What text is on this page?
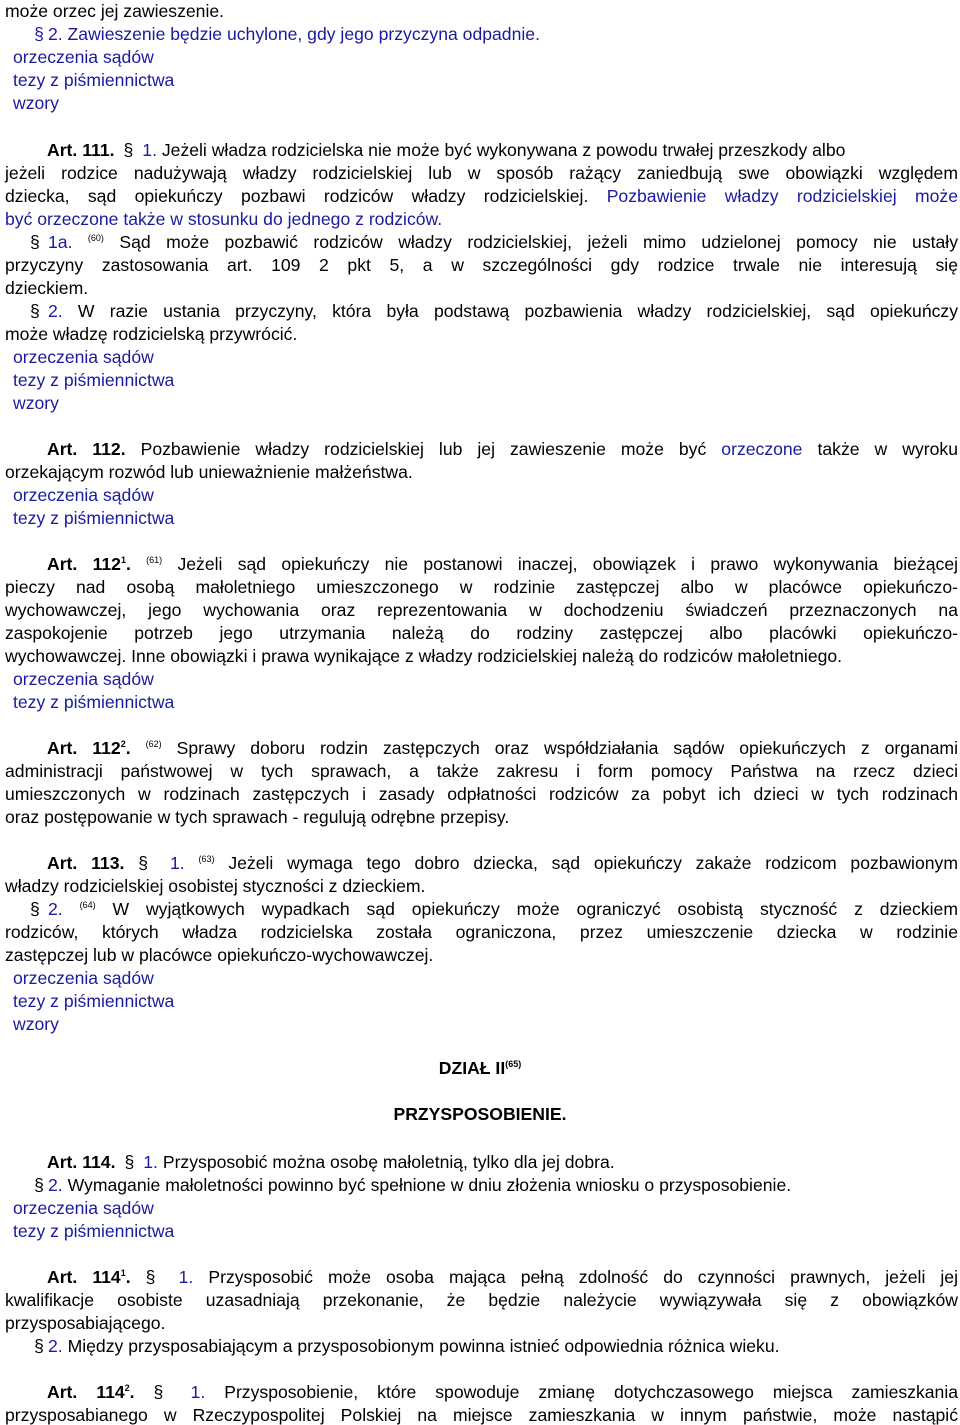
może orzec jej zawieszenie.
§ 2. Zawieszenie będzie uchylone, gdy jego przyczyna odpadnie.
orzeczenia sądów
tezy z piśmiennictwa
wzory
Art. 111. § 1. Jeżeli władza rodzicielska nie może być wykonywana z powodu trwałej przeszkody albo
jeżeli rodzice nadużywają władzy rodzicielskiej lub w sposób rażący zaniedbują swe obowiązki względem
dziecka, sąd opiekuńczy pozbawi rodziców władzy rodzicielskiej. Pozbawienie władzy rodzicielskiej może
być orzeczone także w stosunku do jednego z rodziców.
§ 1a. $^{(60)}$ Sąd może pozbawić rodziców władzy rodzicielskiej, jeżeli mimo udzielonej pomocy nie ustały
przyczyny zastosowania art. 109 2 pkt 5, a w szczególności gdy rodzice trwale nie interesują się
dzieckiem.
§ 2. W razie ustania przyczyny, która była podstawą pozbawienia władzy rodzicielskiej, sąd opiekuńczy
może władzę rodzicielską przywrócić.
orzeczenia sądów
tezy z piśmiennictwa
wzory
Art. 112. Pozbawienie władzy rodzicielskiej lub jej zawieszenie może być orzeczone także w wyroku
orzekającym rozwód lub unieważnienie małżeństwa.
orzeczenia sądów
tezy z piśmiennictwa
Art. $112^1$. $^{(61)}$ Jeżeli sąd opiekuńczy nie postanowi inaczej, obowiązek i prawo wykonywania bieżącej
pieczy nad osobą małoletniego umieszczonego w rodzinie zastępczej albo w placówce opiekuńczo-
wychowawczej, jego wychowania oraz reprezentowania w dochodzeniu świadczeń przeznaczonych na
zaspokojenie potrzeb jego utrzymania należą do rodziny zastępczej albo placówki opiekuńczo-
wychowawczej. Inne obowiązki i prawa wynikające z władzy rodzicielskiej należą do rodziców małoletniego.
orzeczenia sądów
tezy z piśmiennictwa
Art. $112^2$. $^{(62)}$ Sprawy doboru rodzin zastępczych oraz współdziałania sądów opiekuńczych z organami
administracji państwowej w tych sprawach, a także zakresu i form pomocy Państwa na rzecz dzieci
umieszczonych w rodzinach zastępczych i zasady odpłatności rodziców za pobyt ich dzieci w tych rodzinach
oraz postępowanie w tych sprawach - regulują odrębne przepisy.
Art. 113. § 1. $^{(63)}$ Jeżeli wymaga tego dobro dziecka, sąd opiekuńczy zakaże rodzicom pozbawionym
władzy rodzicielskiej osobistej styczności z dzieckiem.
§ 2. $^{(64)}$ W wyjątkowych wypadkach sąd opiekuńczy może ograniczyć osobistą styczność z dzieckiem
rodziców, których władza rodzicielska została ograniczona, przez umieszczenie dziecka w rodzinie
zastępczej lub w placówce opiekuńczo-wychowawczej.
orzeczenia sądów
tezy z piśmiennictwa
wzory
DZIAŁ II$^{(65)}$
PRZYSPOSOBIENIE.
Art. 114. § 1. Przysposobić można osobę małoletnią, tylko dla jej dobra.
§ 2. Wymaganie małoletności powinno być spełnione w dniu złożenia wniosku o przysposobienie.
orzeczenia sądów
tezy z piśmiennictwa
Art. $114^1$. § 1. Przysposobić może osoba mająca pełną zdolność do czynności prawnych, jeżeli jej
kwalifikacje osobiste uzasadniają przekonanie, że będzie należycie wywiązywała się z obowiązków
przysposabiającego.
§ 2. Między przysposabiającym a przysposobionym powinna istnieć odpowiednia różnica wieku.
Art. $114^2$. § 1. Przysposobienie, które spowoduje zmianę dotychczasowego miejsca zamieszkania
przysposabianego w Rzeczypospolitej Polskiej na miejsce zamieszkania w innym państwie, może nastąpić
